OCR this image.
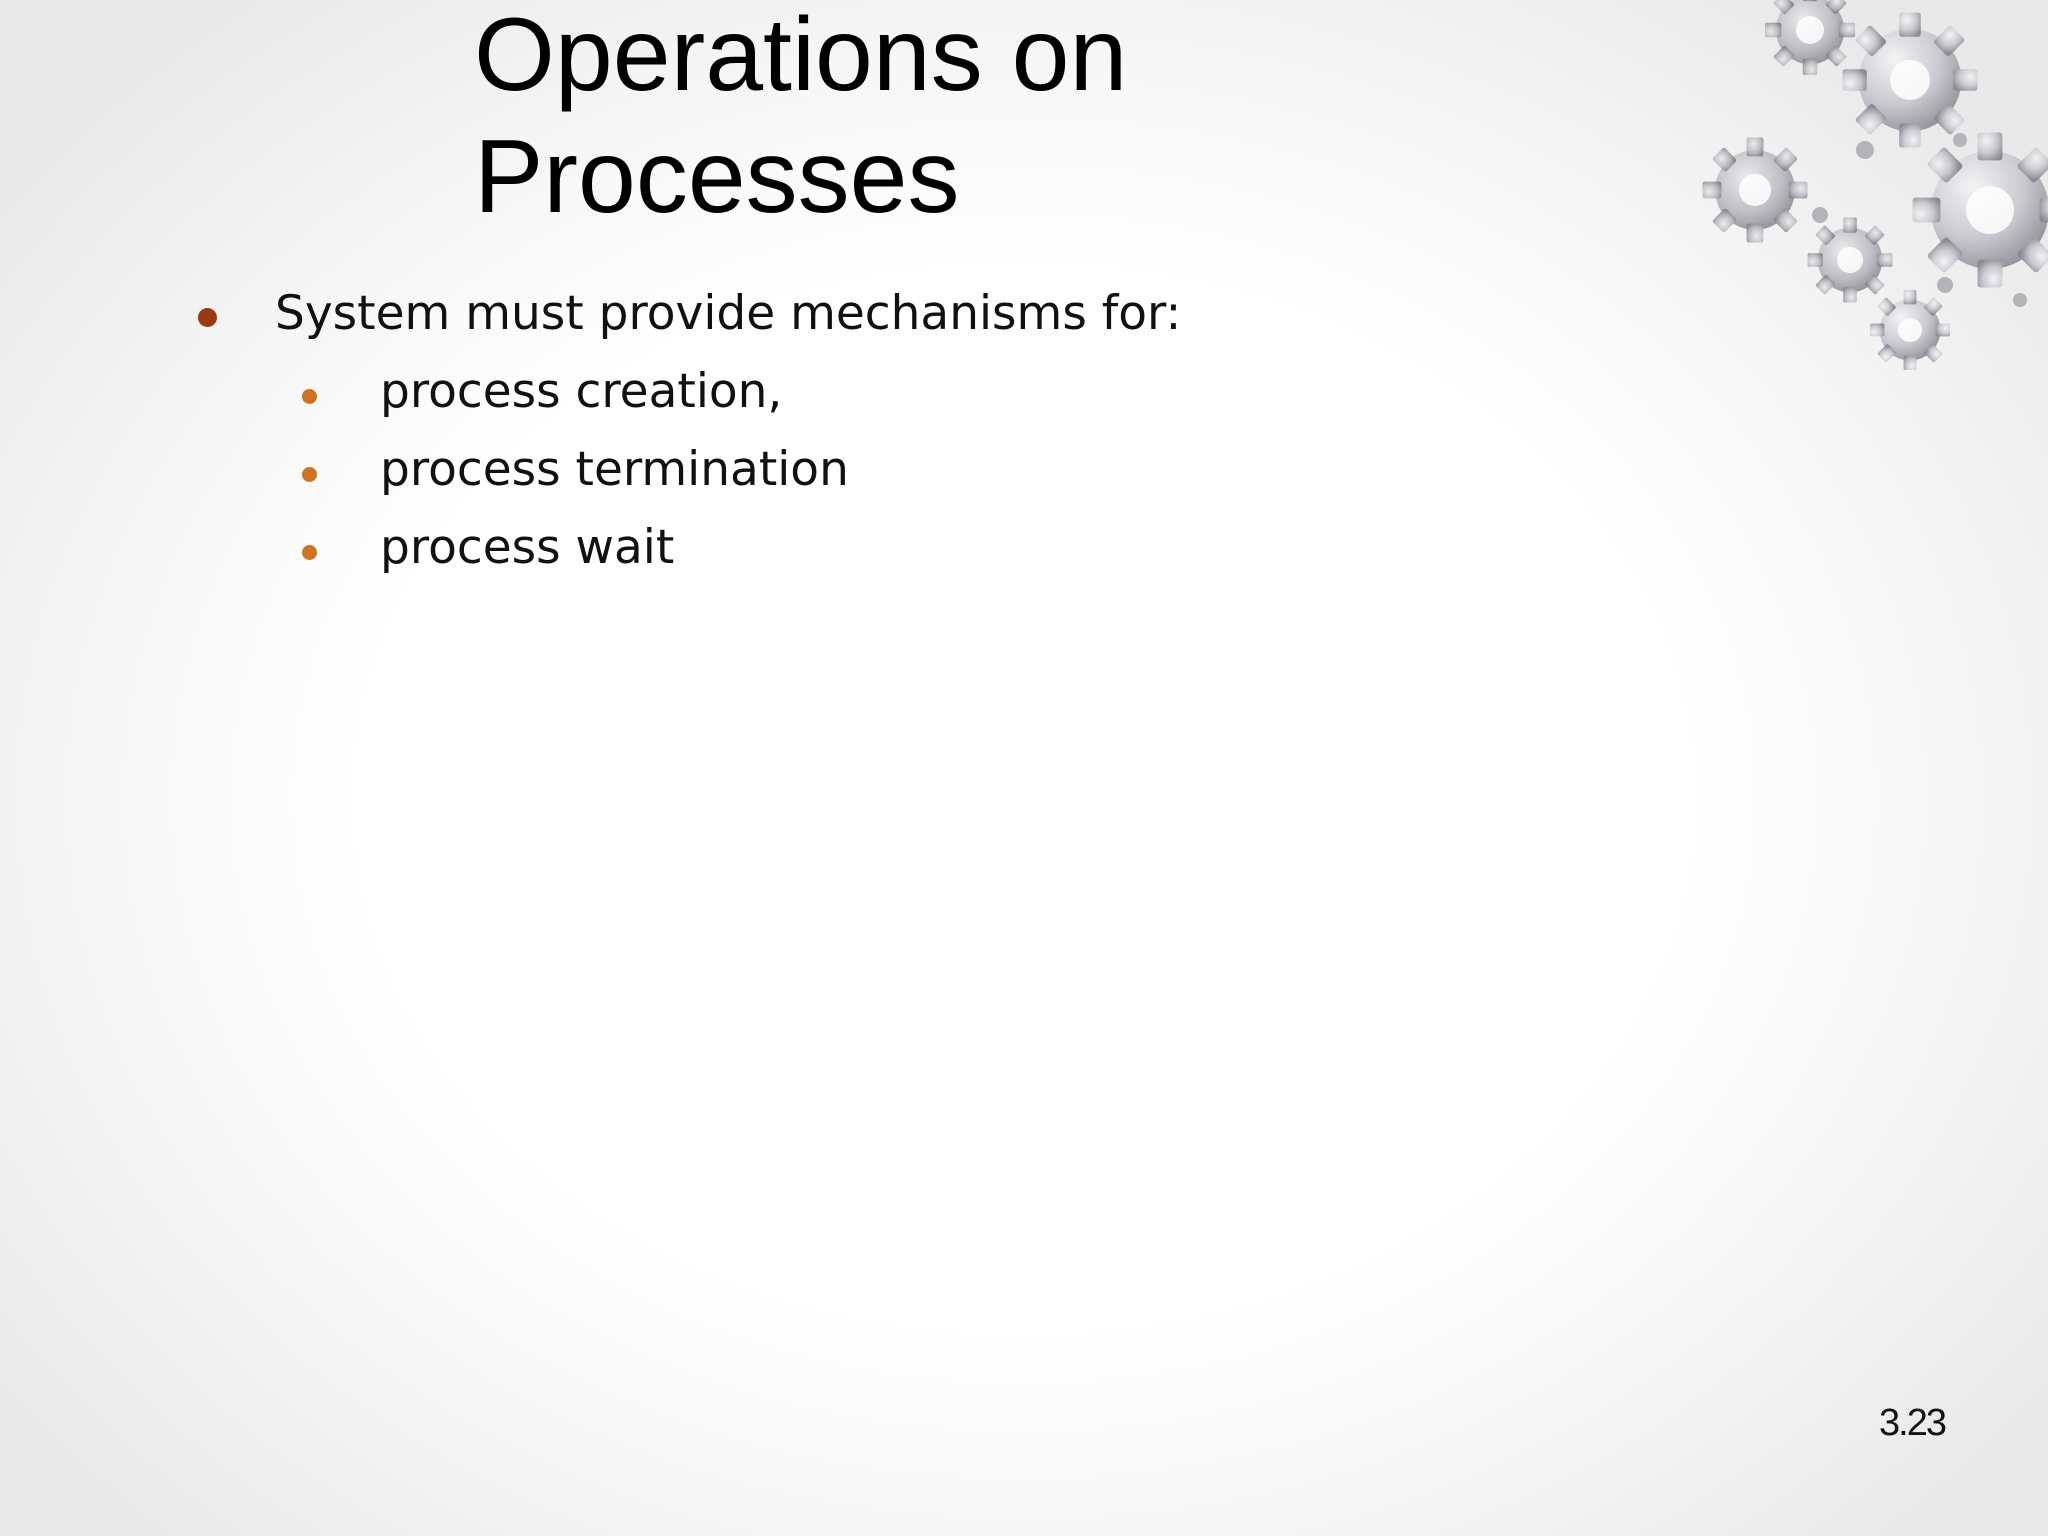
Operations on
Processes
System must provide mechanisms for:
process creation,
process termination
process wait
3.23
